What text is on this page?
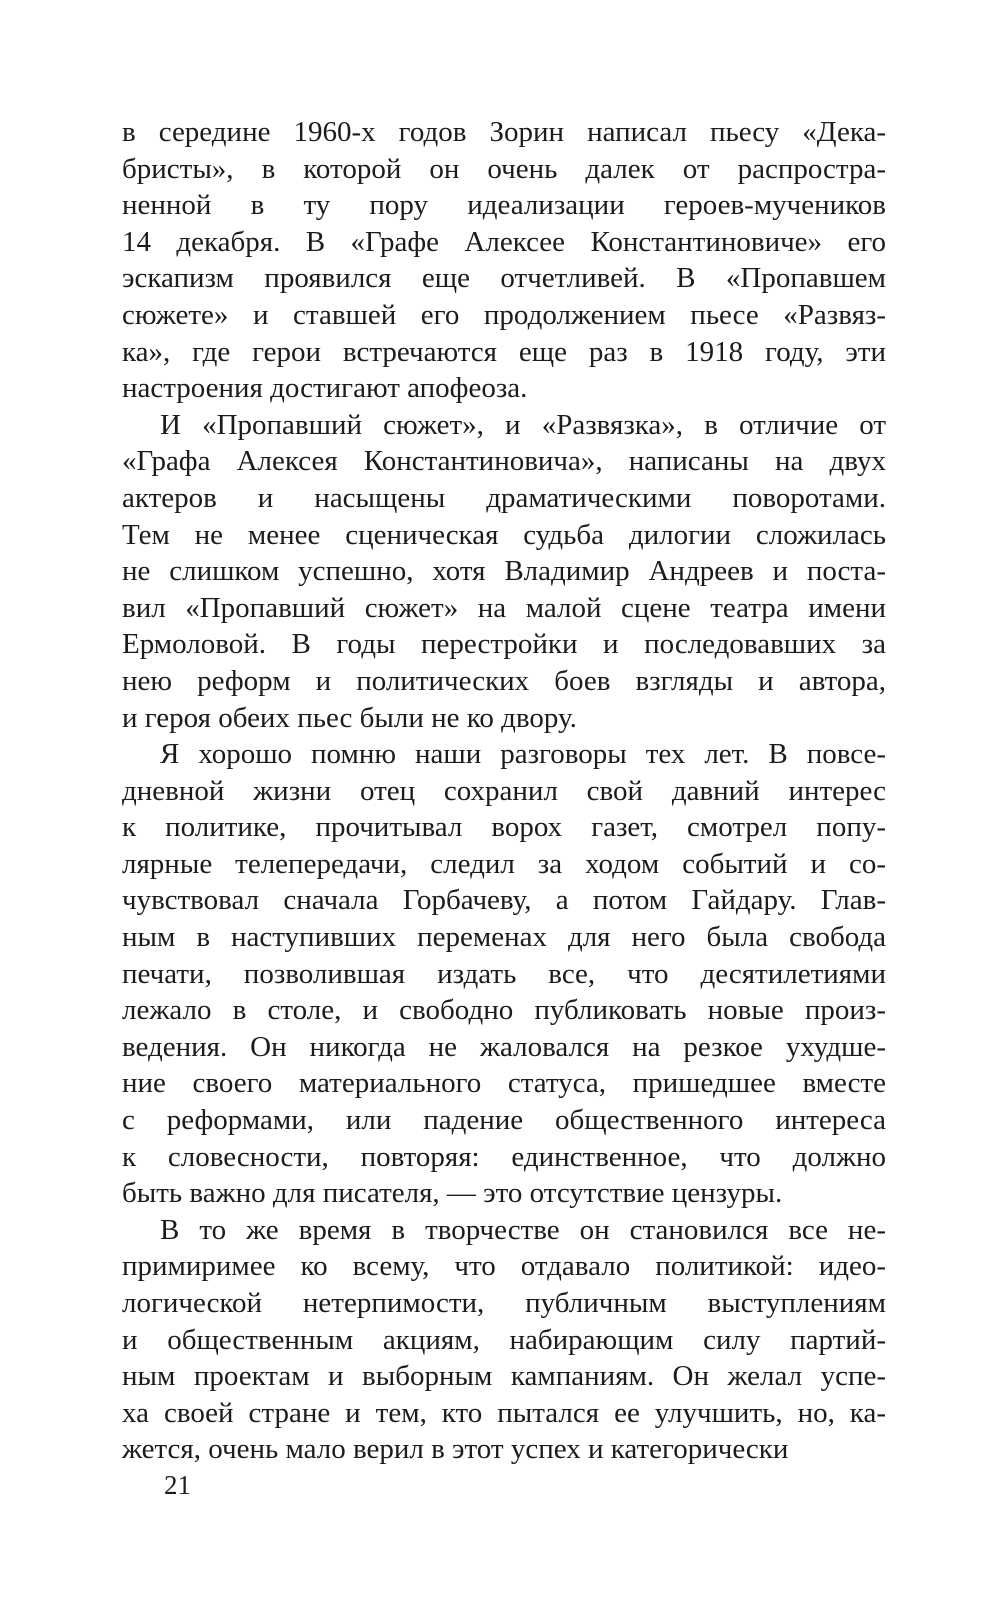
в середине 1960-х годов Зорин написал пьесу «Дека-
бристы», в которой он очень далек от распростра-
ненной в ту пору идеализации героев-мучеников
14 декабря. В «Графе Алексее Константиновиче» его
эскапизм проявился еще отчетливей. В «Пропавшем
сюжете» и ставшей его продолжением пьесе «Развяз-
ка», где герои встречаются еще раз в 1918 году, эти
настроения достигают апофеоза.

И «Пропавший сюжет», и «Развязка», в отличие от
«Графа Алексея Константиновича», написаны на двух
актеров и насыщены драматическими поворотами.
Тем не менее сценическая судьба дилогии сложилась
не слишком успешно, хотя Владимир Андреев и поста-
вил «Пропавший сюжет» на малой сцене театра имени
Ермоловой. В годы перестройки и последовавших за
нею реформ и политических боев взгляды и автора,
и героя обеих пьес были не ко двору.

Я хорошо помню наши разговоры тех лет. В повсе-
дневной жизни отец сохранил свой давний интерес
к политике, прочитывал ворох газет, смотрел попу-
лярные телепередачи, следил за ходом событий и со-
чувствовал сначала Горбачеву, а потом Гайдару. Глав-
ным в наступивших переменах для него была свобода
печати, позволившая издать все, что десятилетиями
лежало в столе, и свободно публиковать новые произ-
ведения. Он никогда не жаловался на резкое ухудше-
ние своего материального статуса, пришедшее вместе
с реформами, или падение общественного интереса
к словесности, повторяя: единственное, что должно
быть важно для писателя, — это отсутствие цензуры.

В то же время в творчестве он становился все не-
примиримее ко всему, что отдавало политикой: идео-
логической нетерпимости, публичным выступлениям
и общественным акциям, набирающим силу партий-
ным проектам и выборным кампаниям. Он желал успе-
ха своей стране и тем, кто пытался ее улучшить, но, ка-
жется, очень мало верил в этот успех и категорически

21
